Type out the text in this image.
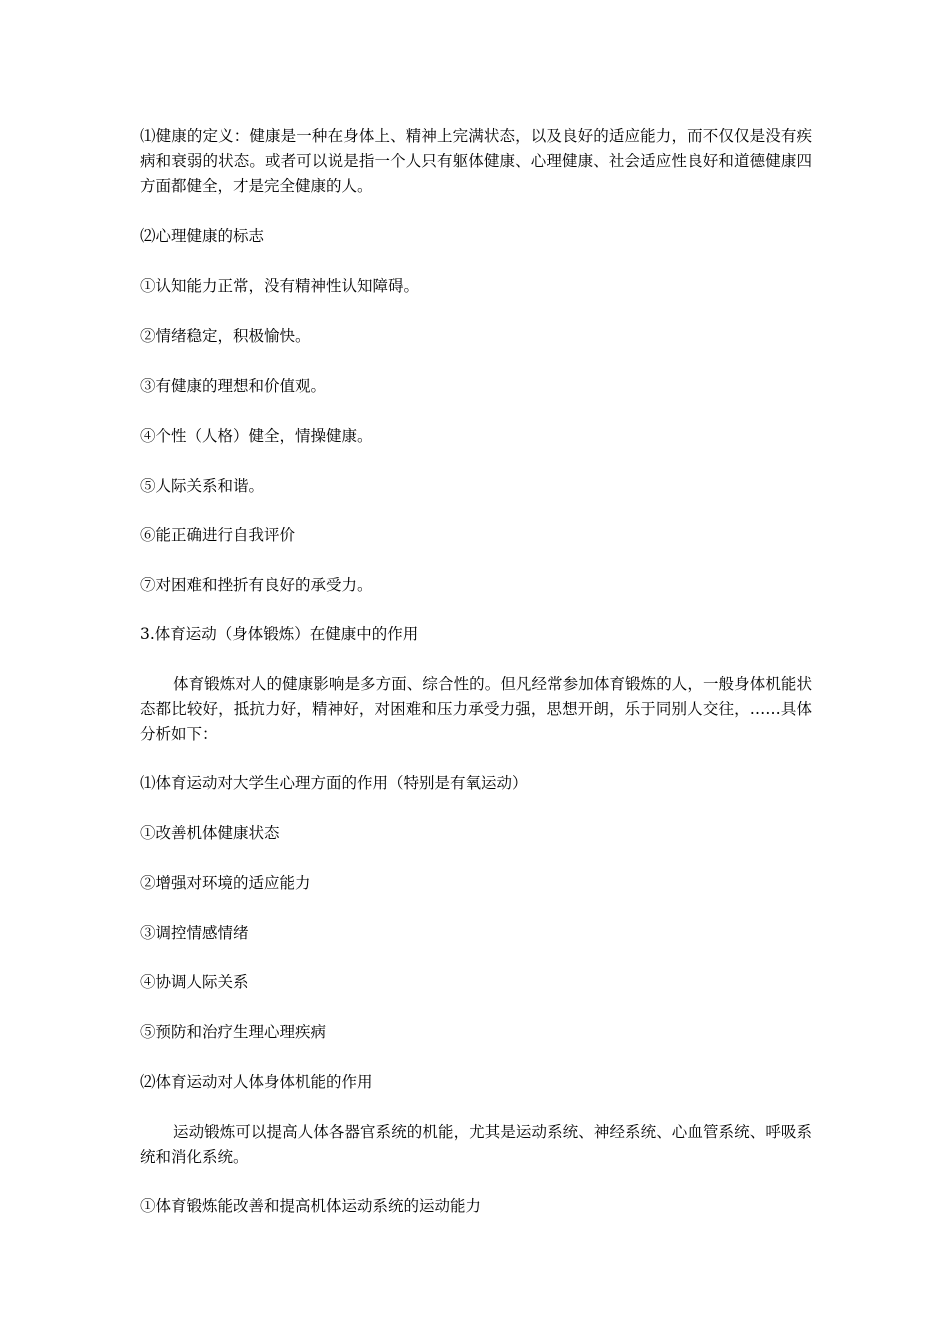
⑴健康的定义：健康是一种在身体上、精神上完满状态，以及良好的适应能力，而不仅仅是没有疾病和衰弱的状态。或者可以说是指一个人只有躯体健康、心理健康、社会适应性良好和道德健康四方面都健全，才是完全健康的人。

⑵心理健康的标志

①认知能力正常，没有精神性认知障碍。

②情绪稳定，积极愉快。

③有健康的理想和价值观。

④个性（人格）健全，情操健康。

⑤人际关系和谐。

⑥能正确进行自我评价

⑦对困难和挫折有良好的承受力。

3.体育运动（身体锻炼）在健康中的作用

体育锻炼对人的健康影响是多方面、综合性的。但凡经常参加体育锻炼的人，一般身体机能状态都比较好，抵抗力好，精神好，对困难和压力承受力强，思想开朗，乐于同别人交往，……具体分析如下：

⑴体育运动对大学生心理方面的作用（特别是有氧运动）

①改善机体健康状态

②增强对环境的适应能力

③调控情感情绪

④协调人际关系

⑤预防和治疗生理心理疾病

⑵体育运动对人体身体机能的作用

运动锻炼可以提高人体各器官系统的机能，尤其是运动系统、神经系统、心血管系统、呼吸系统和消化系统。

①体育锻炼能改善和提高机体运动系统的运动能力
